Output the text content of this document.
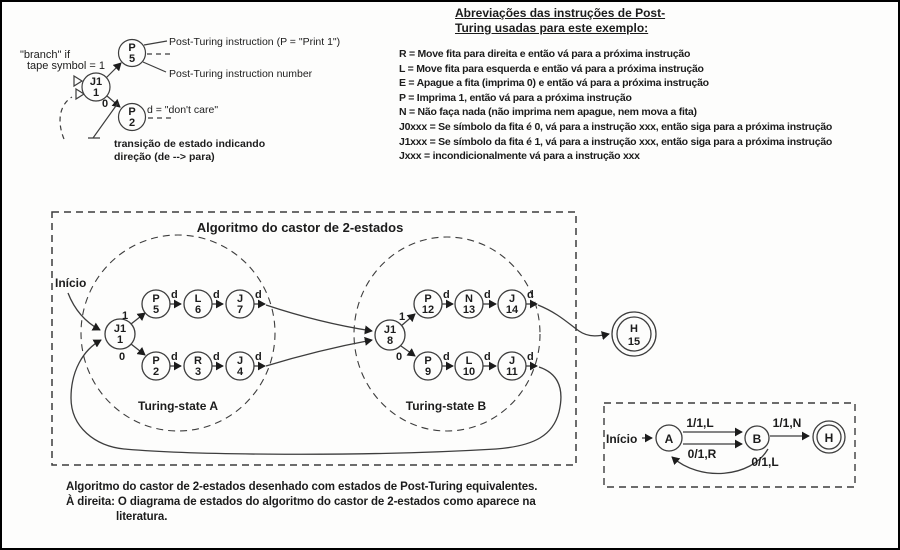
P
5
J1
1
P
2
0
"branch" if
tape symbol = 1
Post-Turing instruction (P = "Print 1")
Post-Turing instruction number
d = "don't care"
transição de estado indicando
direção (de --> para)
Algoritmo do castor de 2-estados
Turing-state A	Turing-state B
Início
1
0
1
0
d	d	d
d	d	d
d	d	d
d	d	d
J1
1
P
5
L
6
J
7
P
2
R
3
J
4
J1
8
P
12
N
13
J
14
P
9
L
10
J
11
H
15
Início A	B	H
1/1,L
0/1,R
1/1,N
0/1,L
Abreviações das instruções de Post-
Turing usadas para este exemplo:
R = Move fita para direita e então vá para a próxima instrução
L = Move fita para esquerda e então vá para a próxima instrução
E = Apague a fita (imprima 0) e então vá para a próxima instrução
P = Imprima 1, então vá para a próxima instrução
N = Não faça nada (não imprima nem apague, nem mova a fita)
J0xxx = Se símbolo da fita é 0, vá para a instrução xxx, então siga para a próxima instrução
J1xxx = Se símbolo da fita é 1, vá para a instrução xxx, então siga para a próxima instrução
Jxxx = incondicionalmente vá para a instrução xxx
Algoritmo do castor de 2-estados desenhado com estados de Post-Turing equivalentes.
À direita: O diagrama de estados do algoritmo do castor de 2-estados como aparece na
literatura.
